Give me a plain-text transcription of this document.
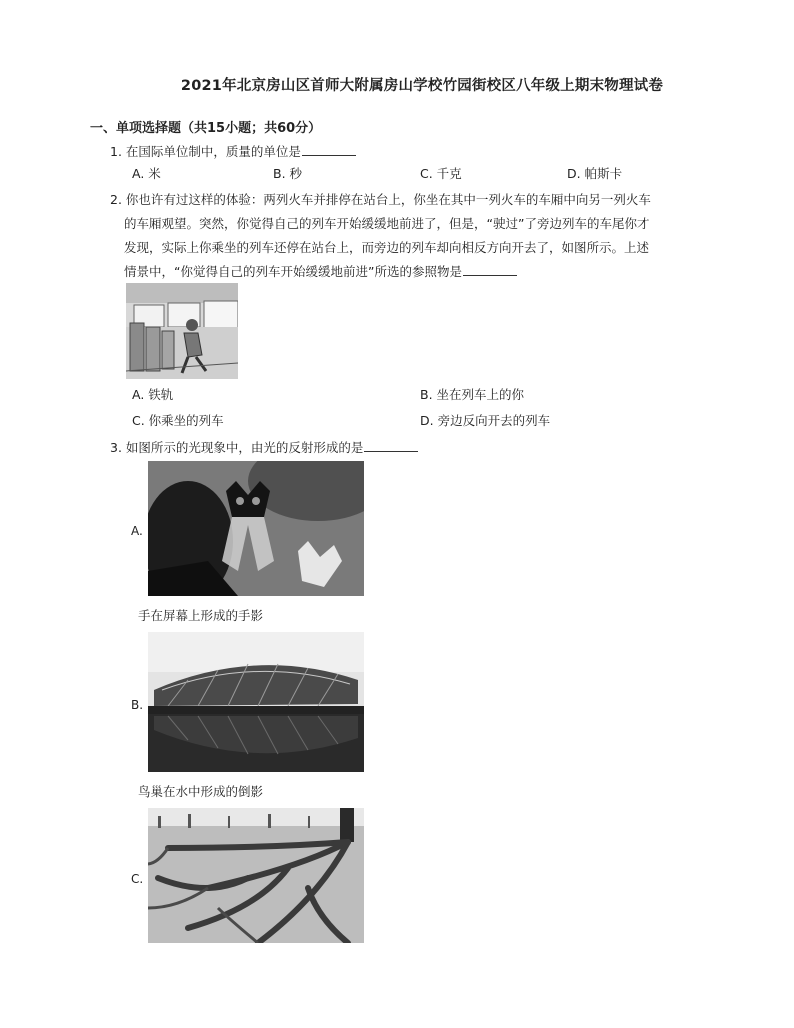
2021年北京房山区首师大附属房山学校竹园街校区八年级上期末物理试卷
一、单项选择题（共15小题；共60分）
1. 在国际单位制中，质量的单位是
A. 米	B. 秒	C. 千克	D. 帕斯卡
2. 你也许有过这样的体验：两列火车并排停在站台上，你坐在其中一列火车的车厢中向另一列火车
的车厢观望。突然，你觉得自己的列车开始缓缓地前进了，但是，“驶过”了旁边列车的车尾你才
发现，实际上你乘坐的列车还停在站台上，而旁边的列车却向相反方向开去了，如图所示。上述
情景中，“你觉得自己的列车开始缓缓地前进”所选的参照物是
A. 铁轨	B. 坐在列车上的你
C. 你乘坐的列车	D. 旁边反向开去的列车
3. 如图所示的光现象中，由光的反射形成的是
A.
手在屏幕上形成的手影
B.
鸟巢在水中形成的倒影
C.
